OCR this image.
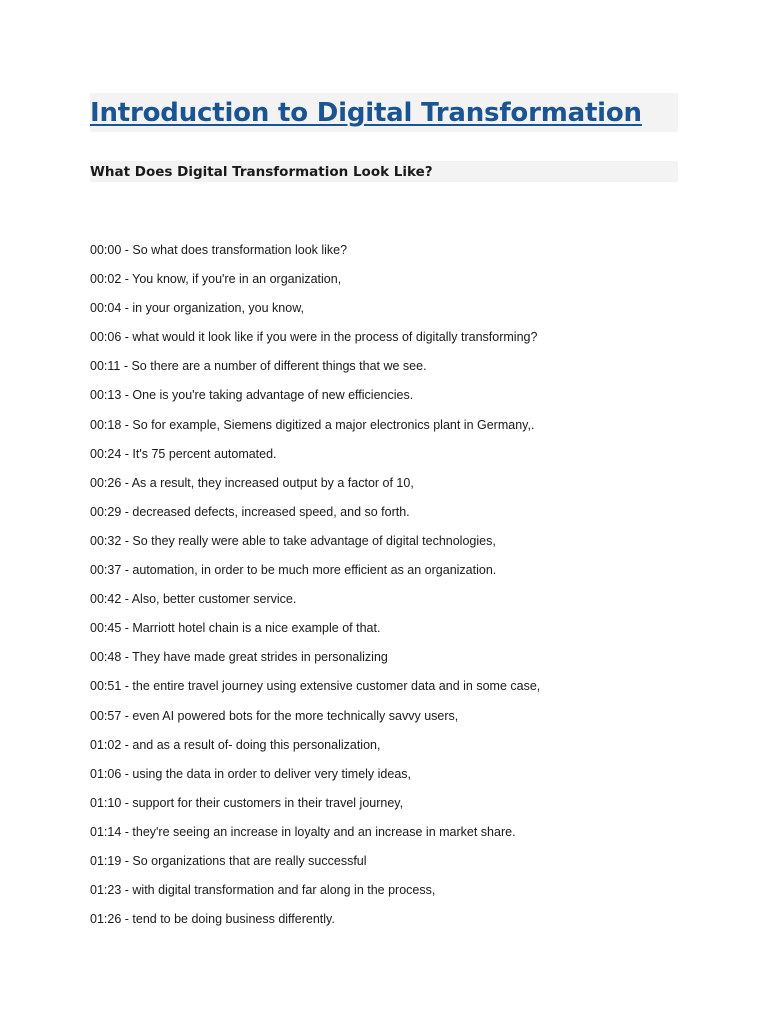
Introduction to Digital Transformation
What Does Digital Transformation Look Like?
00:00 - So what does transformation look like?
00:02 - You know, if you're in an organization,
00:04 - in your organization, you know,
00:06 - what would it look like if you were in the process of digitally transforming?
00:11 - So there are a number of different things that we see.
00:13 - One is you're taking advantage of new efficiencies.
00:18 - So for example, Siemens digitized a major electronics plant in Germany,.
00:24 - It's 75 percent automated.
00:26 - As a result, they increased output by a factor of 10,
00:29 - decreased defects, increased speed, and so forth.
00:32 - So they really were able to take advantage of digital technologies,
00:37 - automation, in order to be much more efficient as an organization.
00:42 - Also, better customer service.
00:45 - Marriott hotel chain is a nice example of that.
00:48 - They have made great strides in personalizing
00:51 - the entire travel journey using extensive customer data and in some case,
00:57 - even AI powered bots for the more technically savvy users,
01:02 - and as a result of- doing this personalization,
01:06 - using the data in order to deliver very timely ideas,
01:10 - support for their customers in their travel journey,
01:14 - they're seeing an increase in loyalty and an increase in market share.
01:19 - So organizations that are really successful
01:23 - with digital transformation and far along in the process,
01:26 - tend to be doing business differently.
